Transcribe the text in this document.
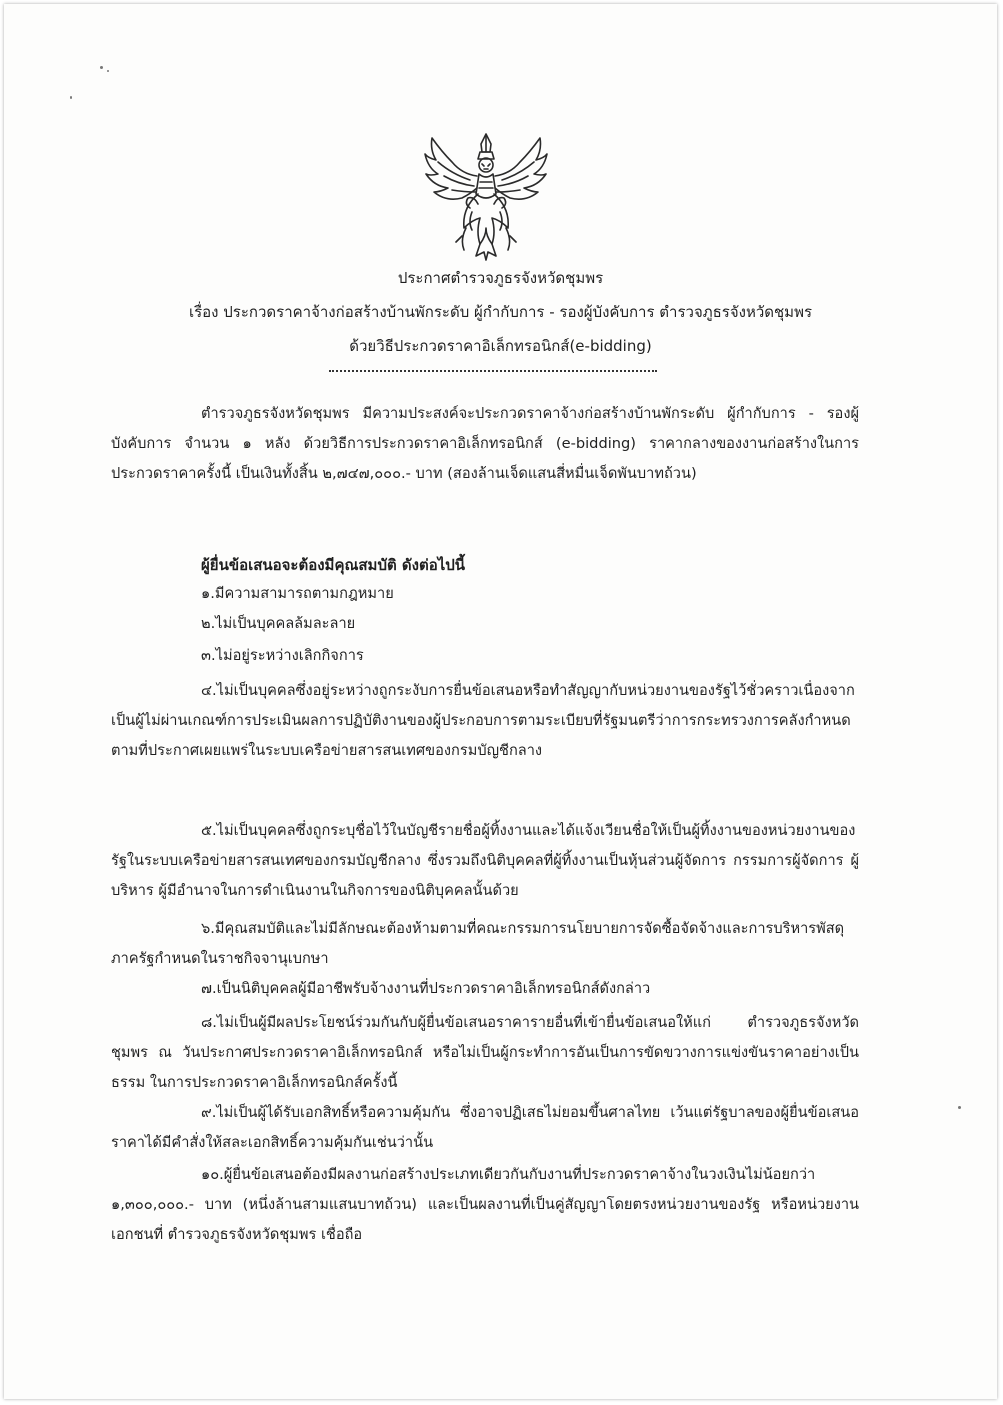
ประกาศตำรวจภูธรจังหวัดชุมพร
เรื่อง ประกวดราคาจ้างก่อสร้างบ้านพักระดับ ผู้กำกับการ - รองผู้บังคับการ ตำรวจภูธรจังหวัดชุมพร
ด้วยวิธีประกวดราคาอิเล็กทรอนิกส์(e-bidding)

ตำรวจภูธรจังหวัดชุมพร มีความประสงค์จะประกวดราคาจ้างก่อสร้างบ้านพักระดับ ผู้กำกับการ - รองผู้บังคับการ จำนวน ๑ หลัง ด้วยวิธีการประกวดราคาอิเล็กทรอนิกส์ (e-bidding) ราคากลางของงานก่อสร้างในการประกวดราคาครั้งนี้ เป็นเงินทั้งสิ้น ๒,๗๔๗,๐๐๐.- บาท (สองล้านเจ็ดแสนสี่หมื่นเจ็ดพันบาทถ้วน)

ผู้ยื่นข้อเสนอจะต้องมีคุณสมบัติ ดังต่อไปนี้
๑.มีความสามารถตามกฎหมาย
๒.ไม่เป็นบุคคลล้มละลาย
๓.ไม่อยู่ระหว่างเลิกกิจการ

๔.ไม่เป็นบุคคลซึ่งอยู่ระหว่างถูกระงับการยื่นข้อเสนอหรือทำสัญญากับหน่วยงานของรัฐไว้ชั่วคราวเนื่องจากเป็นผู้ไม่ผ่านเกณฑ์การประเมินผลการปฏิบัติงานของผู้ประกอบการตามระเบียบที่รัฐมนตรีว่าการกระทรวงการคลังกำหนด ตามที่ประกาศเผยแพร่ในระบบเครือข่ายสารสนเทศของกรมบัญชีกลาง

๕.ไม่เป็นบุคคลซึ่งถูกระบุชื่อไว้ในบัญชีรายชื่อผู้ทิ้งงานและได้แจ้งเวียนชื่อให้เป็นผู้ทิ้งงานของหน่วยงานของรัฐในระบบเครือข่ายสารสนเทศของกรมบัญชีกลาง ซึ่งรวมถึงนิติบุคคลที่ผู้ทิ้งงานเป็นหุ้นส่วนผู้จัดการ กรรมการผู้จัดการ ผู้บริหาร ผู้มีอำนาจในการดำเนินงานในกิจการของนิติบุคคลนั้นด้วย

๖.มีคุณสมบัติและไม่มีลักษณะต้องห้ามตามที่คณะกรรมการนโยบายการจัดซื้อจัดจ้างและการบริหารพัสดุภาครัฐกำหนดในราชกิจจานุเบกษา

๗.เป็นนิติบุคคลผู้มีอาชีพรับจ้างงานที่ประกวดราคาอิเล็กทรอนิกส์ดังกล่าว

๘.ไม่เป็นผู้มีผลประโยชน์ร่วมกันกับผู้ยื่นข้อเสนอราคารายอื่นที่เข้ายื่นข้อเสนอให้แก่ ตำรวจภูธรจังหวัดชุมพร ณ วันประกาศประกวดราคาอิเล็กทรอนิกส์ หรือไม่เป็นผู้กระทำการอันเป็นการขัดขวางการแข่งขันราคาอย่างเป็นธรรม ในการประกวดราคาอิเล็กทรอนิกส์ครั้งนี้

๙.ไม่เป็นผู้ได้รับเอกสิทธิ์หรือความคุ้มกัน ซึ่งอาจปฏิเสธไม่ยอมขึ้นศาลไทย เว้นแต่รัฐบาลของผู้ยื่นข้อเสนอราคาได้มีคำสั่งให้สละเอกสิทธิ์ความคุ้มกันเช่นว่านั้น

๑๐.ผู้ยื่นข้อเสนอต้องมีผลงานก่อสร้างประเภทเดียวกันกับงานที่ประกวดราคาจ้างในวงเงินไม่น้อยกว่า ๑,๓๐๐,๐๐๐.- บาท (หนึ่งล้านสามแสนบาทถ้วน) และเป็นผลงานที่เป็นคู่สัญญาโดยตรงหน่วยงานของรัฐ หรือหน่วยงานเอกชนที่ ตำรวจภูธรจังหวัดชุมพร เชื่อถือ
